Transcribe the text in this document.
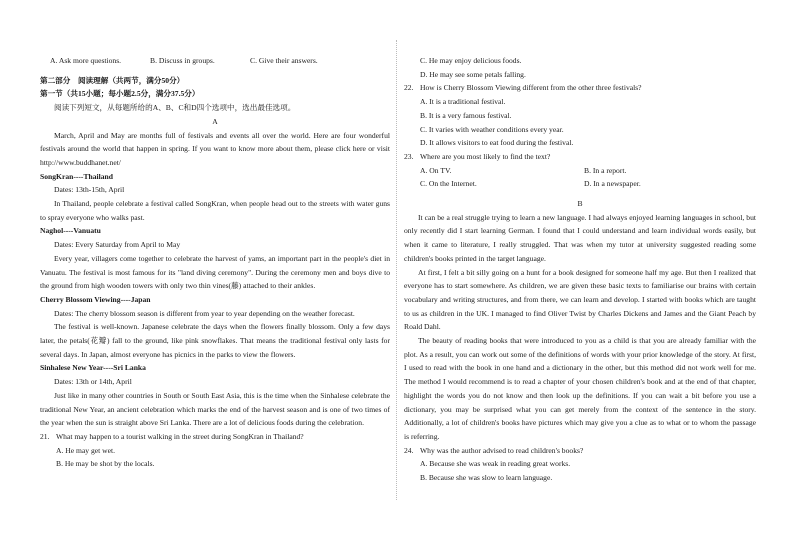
A. Ask more questions.	B. Discuss in groups.	C. Give their answers.
第二部分　阅读理解（共两节，满分50分）
第一节（共15小题；每小题2.5分，满分37.5分）
阅读下列短文，从每题所给的A、B、C和D四个选项中，选出最佳选项。
A
March, April and May are months full of festivals and events all over the world. Here are four wonderful festivals around the world that happen in spring. If you want to know more about them, please click here or visit http://www.buddhanet.net/
SongKran----Thailand
Dates: 13th-15th, April
In Thailand, people celebrate a festival called SongKran, when people head out to the streets with water guns to spray everyone who walks past.
Naghol----Vanuatu
Dates: Every Saturday from April to May
Every year, villagers come together to celebrate the harvest of yams, an important part in the people's diet in Vanuatu. The festival is most famous for its "land diving ceremony". During the ceremony men and boys dive to the ground from high wooden towers with only two thin vines(藤) attached to their ankles.
Cherry Blossom Viewing----Japan
Dates: The cherry blossom season is different from year to year depending on the weather forecast.
The festival is well-known. Japanese celebrate the days when the flowers finally blossom. Only a few days later, the petals(花瓣) fall to the ground, like pink snowflakes. That means the traditional festival only lasts for several days. In Japan, almost everyone has picnics in the parks to view the flowers.
Sinhalese New Year----Sri Lanka
Dates: 13th or 14th, April
Just like in many other countries in South or South East Asia, this is the time when the Sinhalese celebrate the traditional New Year, an ancient celebration which marks the end of the harvest season and is one of two times of the year when the sun is straight above Sri Lanka. There are a lot of delicious foods during the celebration.
21. What may happen to a tourist walking in the street during SongKran in Thailand?
A. He may get wet.
B. He may be shot by the locals.
C. He may enjoy delicious foods.
D. He may see some petals falling.
22. How is Cherry Blossom Viewing different from the other three festivals?
A. It is a traditional festival.
B. It is a very famous festival.
C. It varies with weather conditions every year.
D. It allows visitors to eat food during the festival.
23. Where are you most likely to find the text?
A. On TV.	B. In a report.
C. On the Internet.	D. In a newspaper.
B
It can be a real struggle trying to learn a new language. I had always enjoyed learning languages in school, but only recently did I start learning German. I found that I could understand and learn individual words easily, but when it came to literature, I really struggled. That was when my tutor at university suggested reading some children's books printed in the target language.
At first, I felt a bit silly going on a hunt for a book designed for someone half my age. But then I realized that everyone has to start somewhere. As children, we are given these basic texts to familiarise our brains with certain vocabulary and writing structures, and from there, we can learn and develop. I started with books which are taught to us as children in the UK. I managed to find Oliver Twist by Charles Dickens and James and the Giant Peach by Roald Dahl.
The beauty of reading books that were introduced to you as a child is that you are already familiar with the plot. As a result, you can work out some of the definitions of words with your prior knowledge of the story. At first, I used to read with the book in one hand and a dictionary in the other, but this method did not work well for me. The method I would recommend is to read a chapter of your chosen children's book and at the end of that chapter, highlight the words you do not know and then look up the definitions. If you can wait a bit before you use a dictionary, you may be surprised what you can get merely from the context of the sentence in the story. Additionally, a lot of children's books have pictures which may give you a clue as to what or to whom the passage is referring.
24. Why was the author advised to read children's books?
A. Because she was weak in reading great works.
B. Because she was slow to learn language.
